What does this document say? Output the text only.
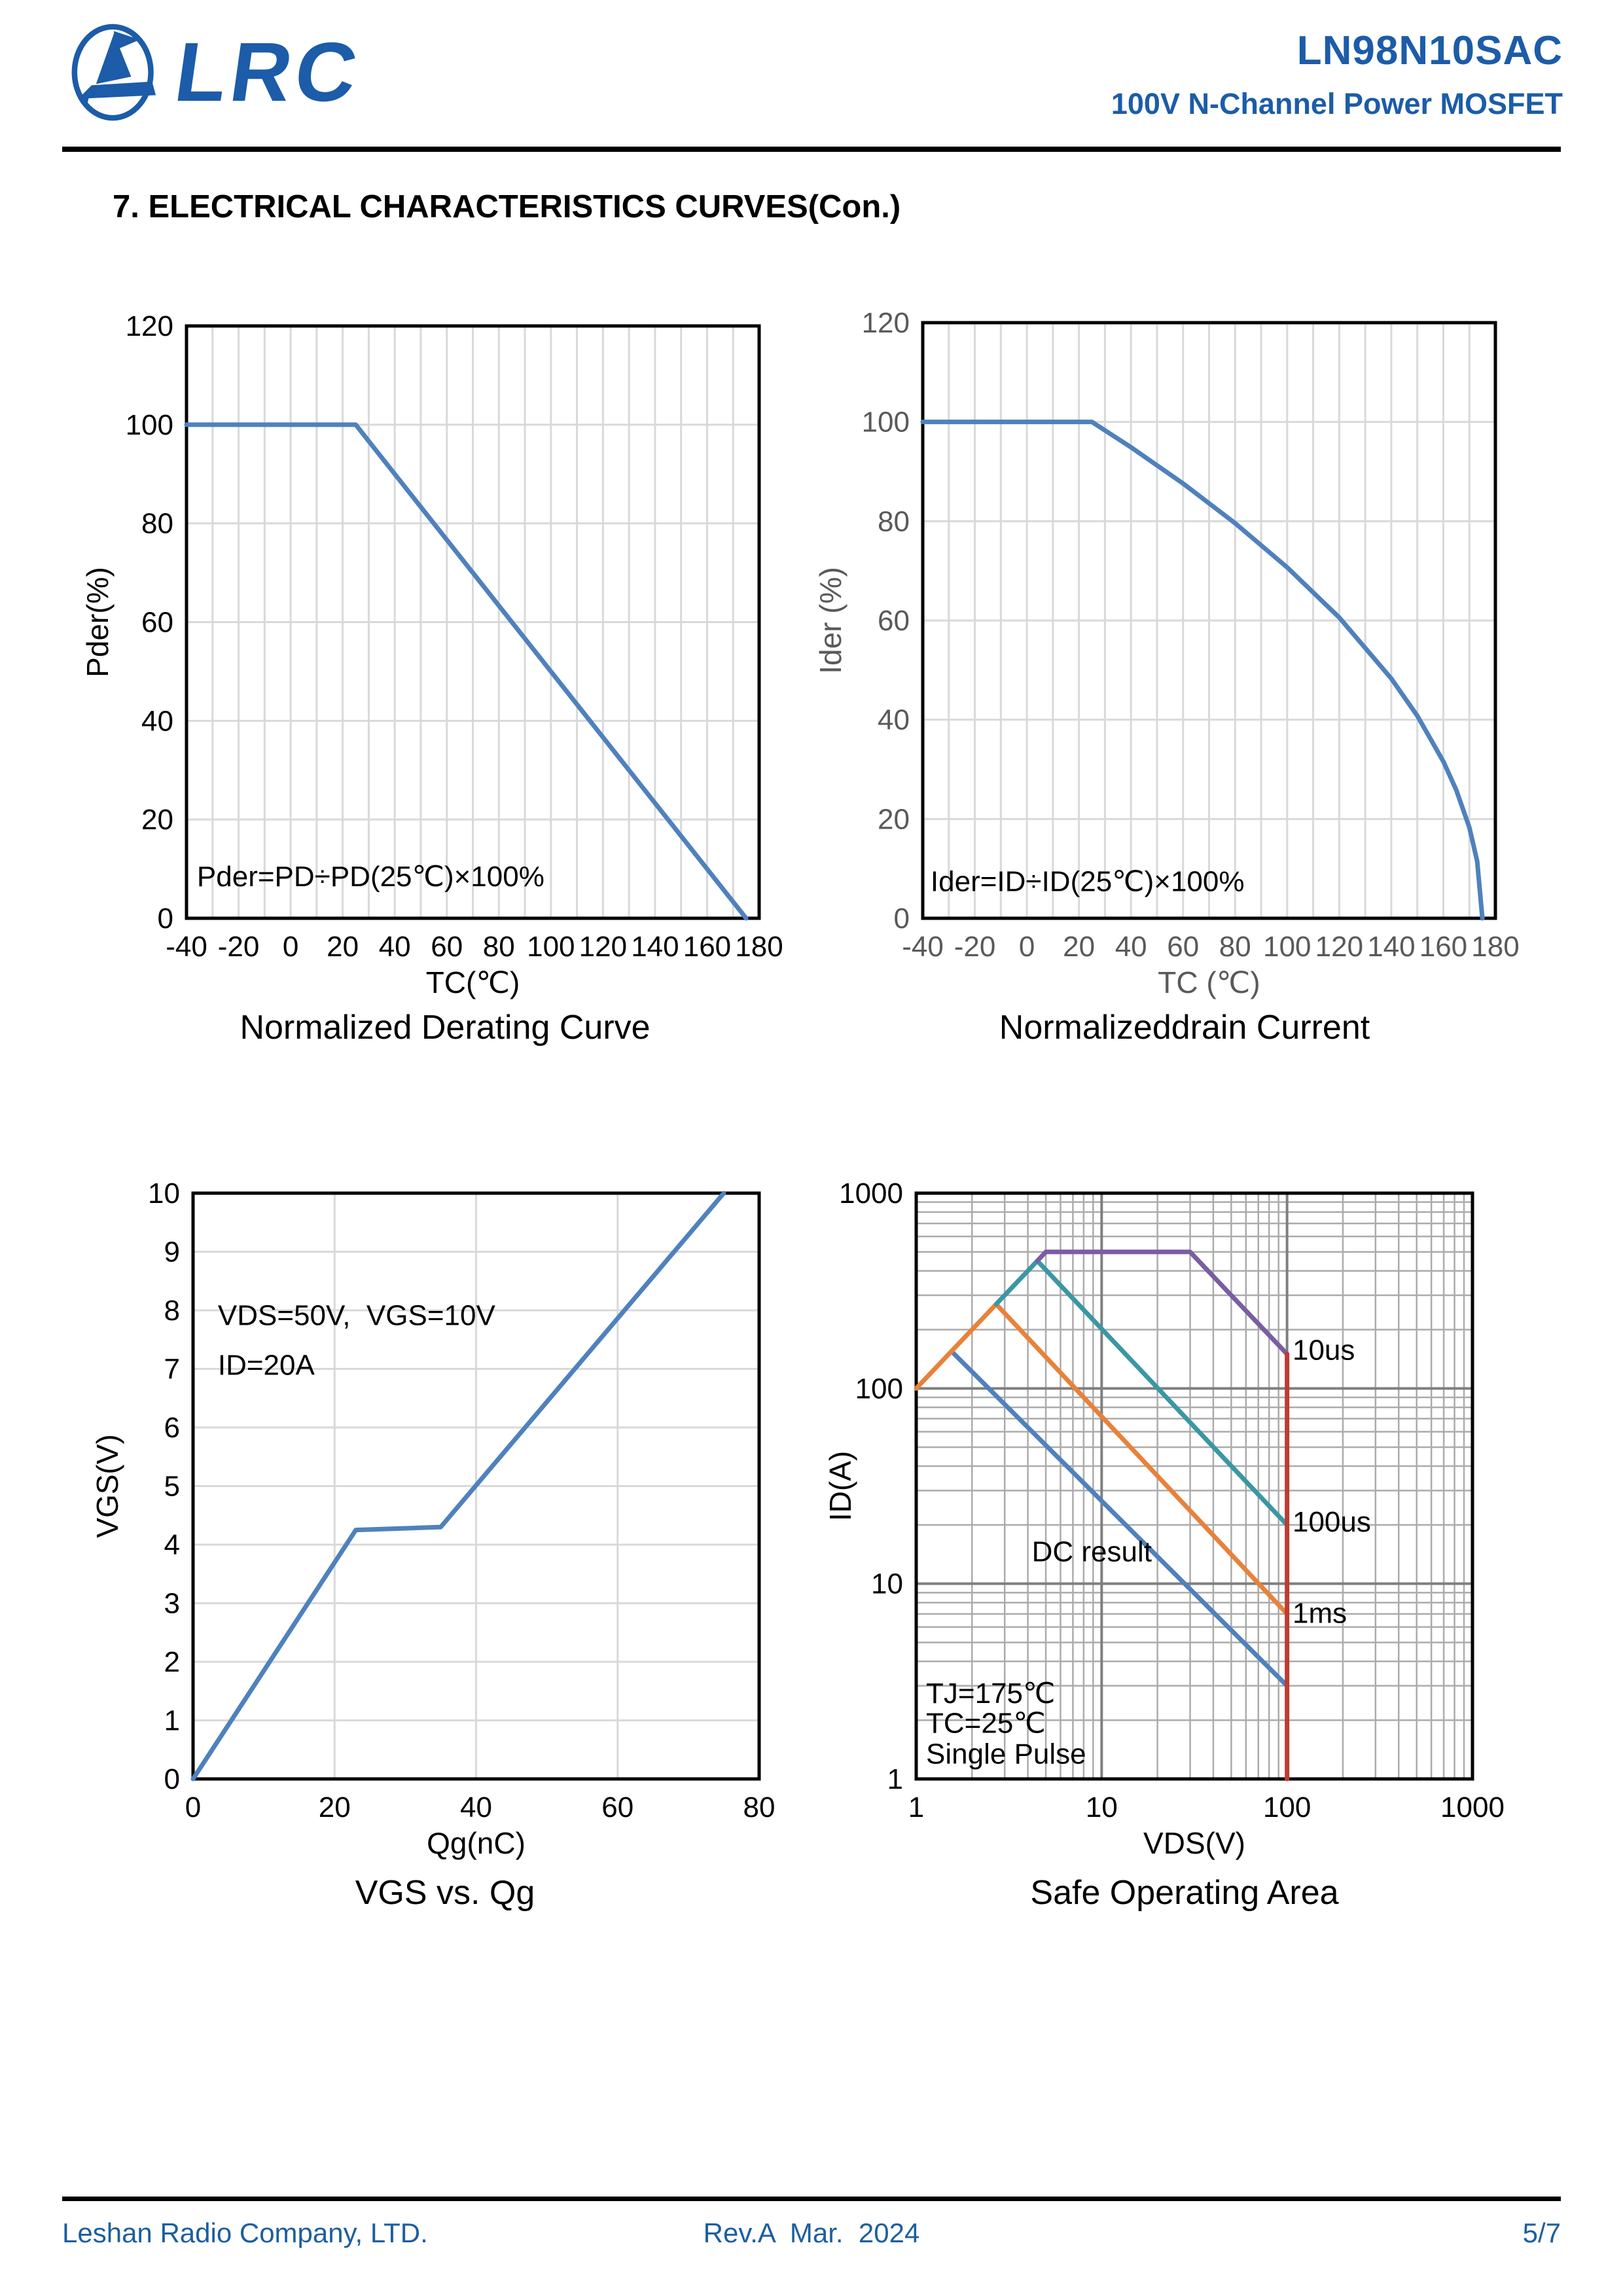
LRC	LN98N10SAC
100V N-Channel Power MOSFET
7. ELECTRICAL CHARACTERISTICS CURVES(Con.)
-40 -20 0 20 40 60 80 100 120 140 160 180
0
20
40
60
80
100
120
TC(℃)
Pder(%)
Pder=PD÷PD(25℃)×100%
-40 -20 0 20 40 60 80 100 120 140 160 180
0
20
40
60
80
100
120
TC (℃)
Ider (%)
Ider=ID÷ID(25℃)×100%
0	20	40	60	80
0
1
2
3
4
5
6
7
8
9
10
Qg(nC)
VGS(V)
VDS=50V,  VGS=10V
ID=20A
1	10	100	1000
1
10
100
1000
VDS(V)
ID(A)
10us
100us
1ms
DC result
TJ=175℃
TC=25℃
Single Pulse
Normalized Derating Curve	Normalizeddrain Current
VGS vs. Qg	Safe Operating Area
Leshan Radio Company, LTD.	Rev.A  Mar.  2024	5/7
